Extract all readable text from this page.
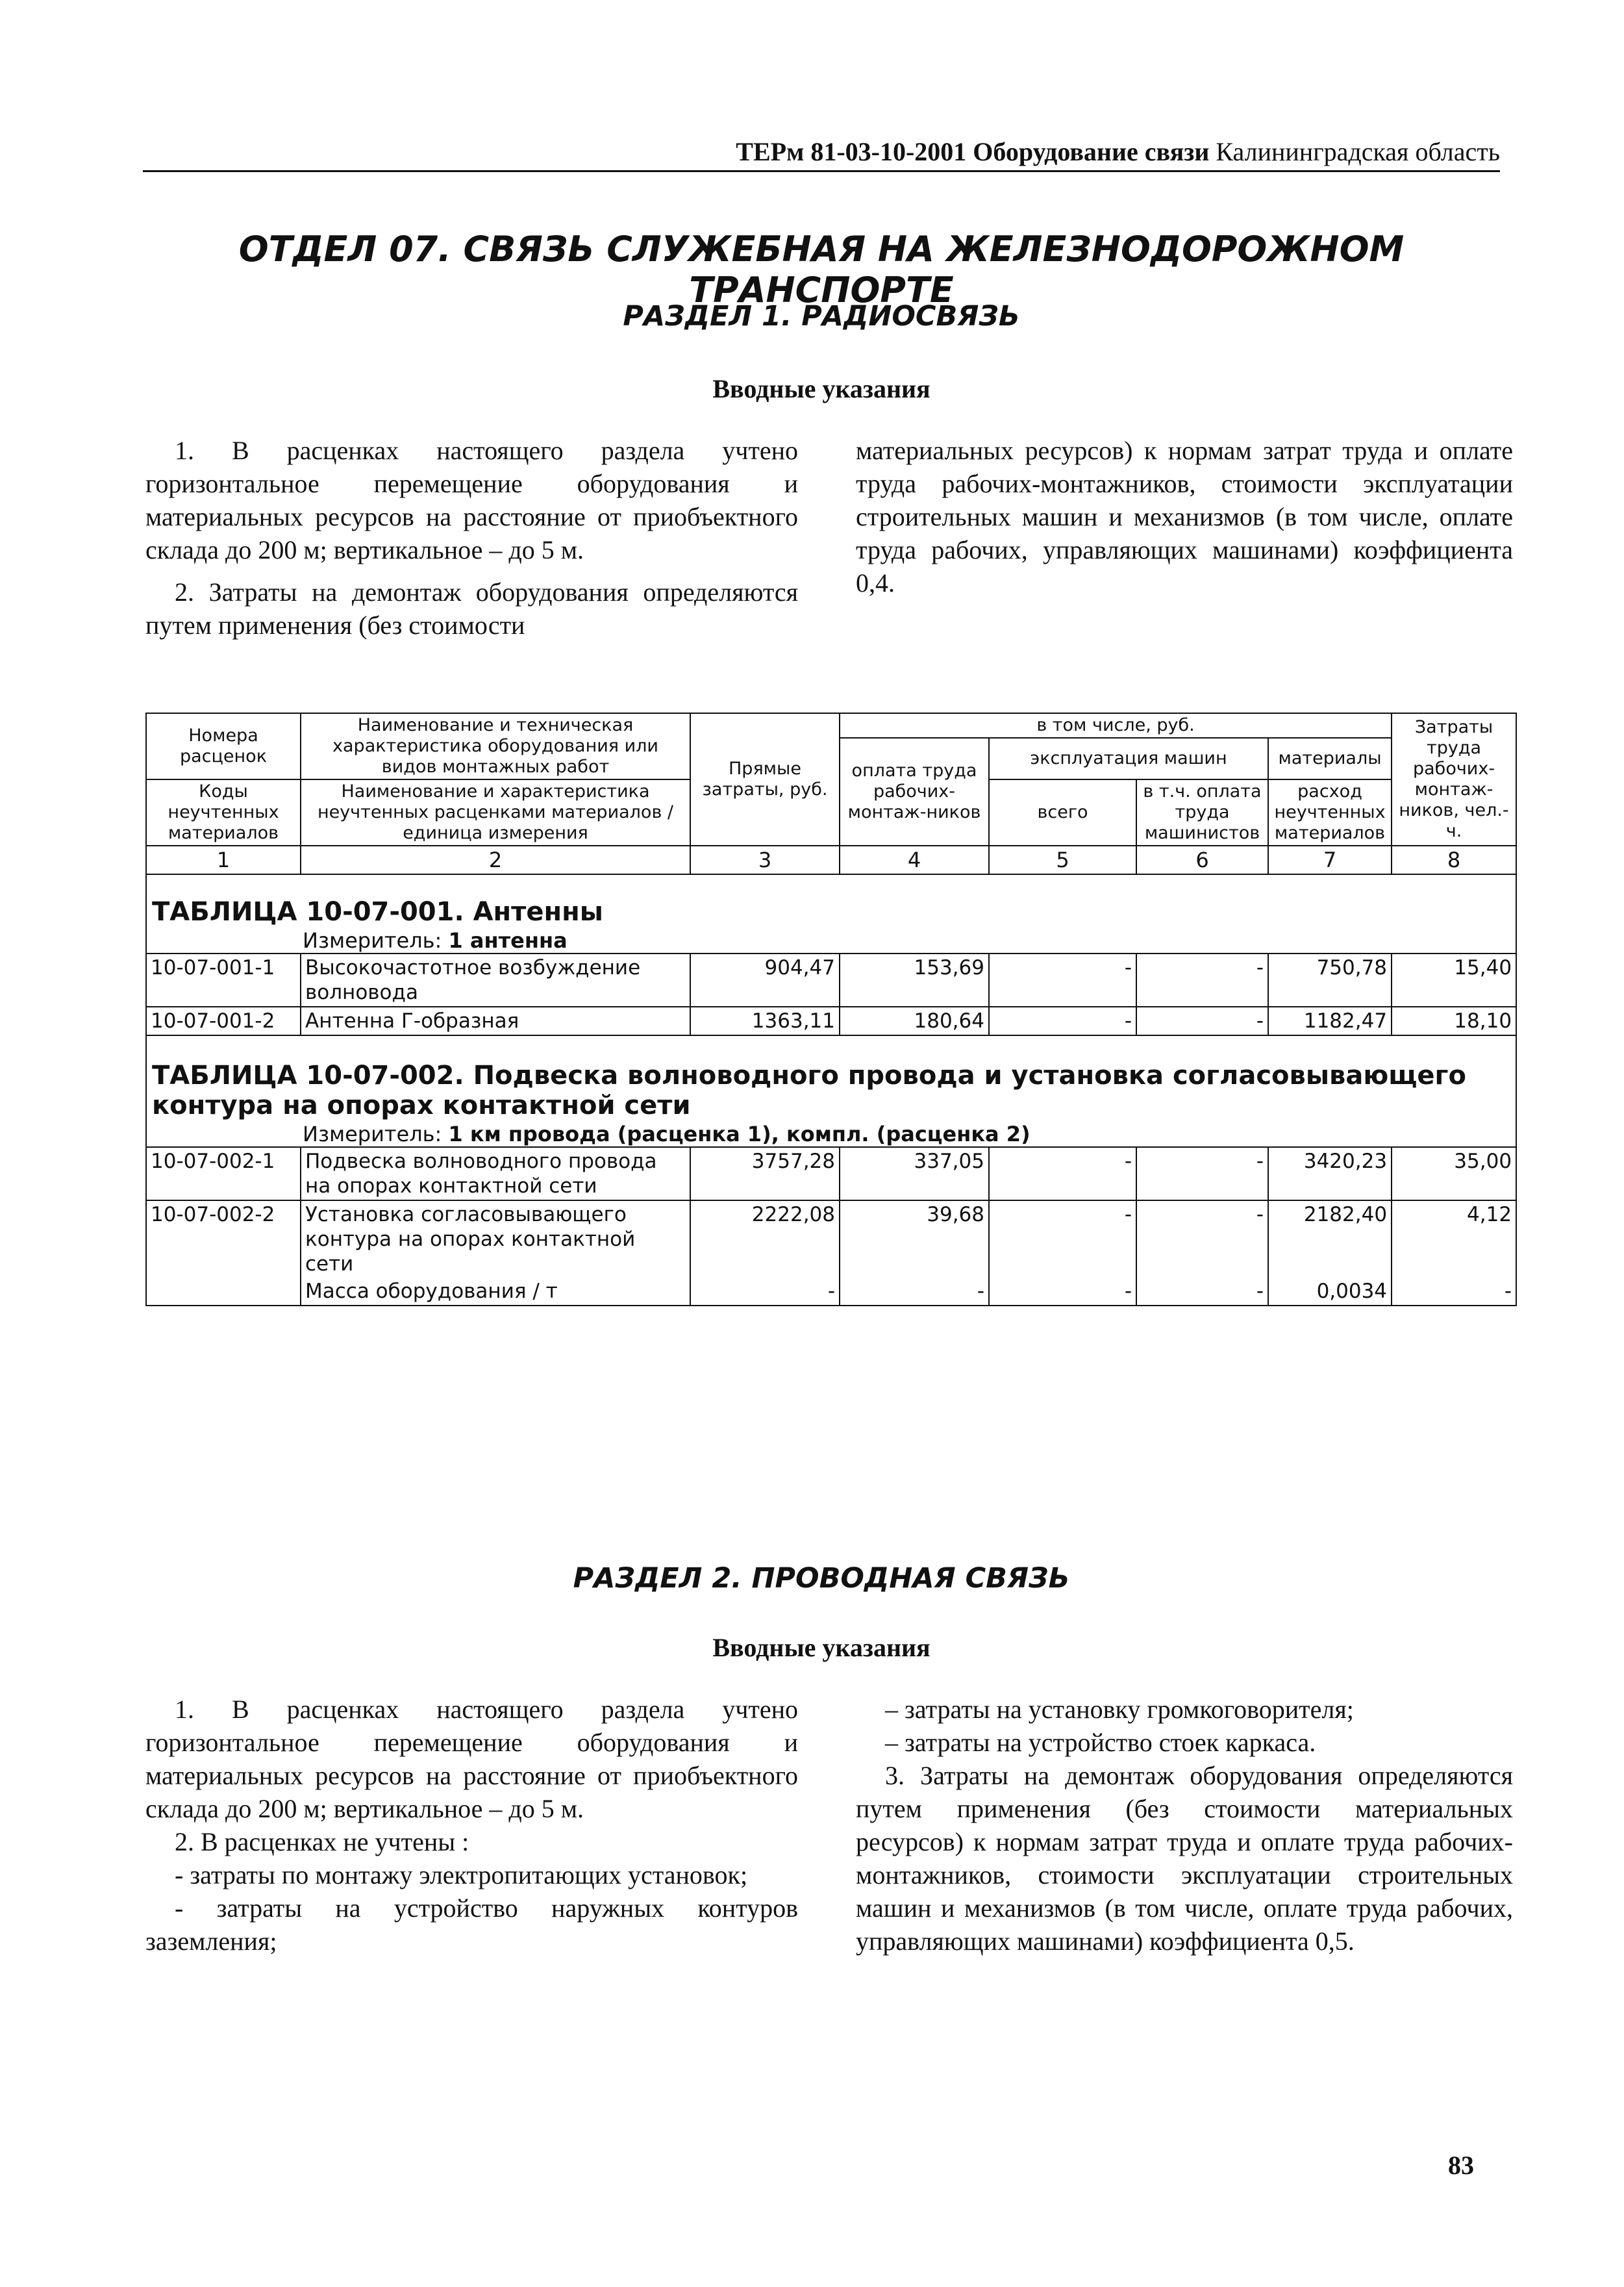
ТЕРм 81-03-10-2001 Оборудование связи Калининградская область
ОТДЕЛ 07. СВЯЗЬ СЛУЖЕБНАЯ НА ЖЕЛЕЗНОДОРОЖНОМ ТРАНСПОРТЕ
РАЗДЕЛ 1. РАДИОСВЯЗЬ
Вводные указания

1. В расценках настоящего раздела учтено горизонтальное перемещение оборудования и материальных ресурсов на расстояние от приобъектного склада до 200 м; вертикальное – до 5 м.

2. Затраты на демонтаж оборудования определяются путем применения (без стоимости

материальных ресурсов) к нормам затрат труда и оплате труда рабочих-монтажников, стоимости эксплуатации строительных машин и механизмов (в том числе, оплате труда рабочих, управляющих машинами) коэффициента 0,4.

Номера расценок	Наименование и техническая характеристика оборудования или видов монтажных работ	Прямые затраты, руб.	в том числе, руб.				Затраты труда рабочих-монтаж-ников, чел.-ч.
			оплата труда рабочих-монтаж-ников	эксплуатация машин		материалы	
Коды неучтенных материалов	Наименование и характеристика неучтенных расценками материалов / единица измерения			всего	в т.ч. оплата труда машинистов	расход неучтенных материалов	

1	2	3	4	5	6	7	8
ТАБЛИЦА 10-07-001. Антенны							
Измеритель: 1 антенна							
10-07-001-1	Высокочастотное возбуждение волновода	904,47	153,69	-	-	750,78	15,40
10-07-001-2	Антенна Г-образная	1363,11	180,64	-	-	1182,47	18,10
ТАБЛИЦА 10-07-002. Подвеска волноводного провода и установка согласовывающего контура на опорах контактной сети							
Измеритель: 1 км провода (расценка 1), компл. (расценка 2)							
10-07-002-1	Подвеска волноводного провода на опорах контактной сети	3757,28	337,05	-	-	3420,23	35,00
10-07-002-2	Установка согласовывающего контура на опорах контактной сети	2222,08	39,68	-	-	2182,40	4,12
	Масса оборудования / т	-	-	-	-	0,0034	-
РАЗДЕЛ 2. ПРОВОДНАЯ СВЯЗЬ
Вводные указания

1. В расценках настоящего раздела учтено горизонтальное перемещение оборудования и материальных ресурсов на расстояние от приобъектного склада до 200 м; вертикальное – до 5 м.

2. В расценках не учтены :

- затраты по монтажу электропитающих установок;

- затраты на устройство наружных контуров заземления;

– затраты на установку громкоговорителя;

– затраты на устройство стоек каркаса.

3. Затраты на демонтаж оборудования определяются путем применения (без стоимости материальных ресурсов) к нормам затрат труда и оплате труда рабочих-монтажников, стоимости эксплуатации строительных машин и механизмов (в том числе, оплате труда рабочих, управляющих машинами) коэффициента 0,5.

83
